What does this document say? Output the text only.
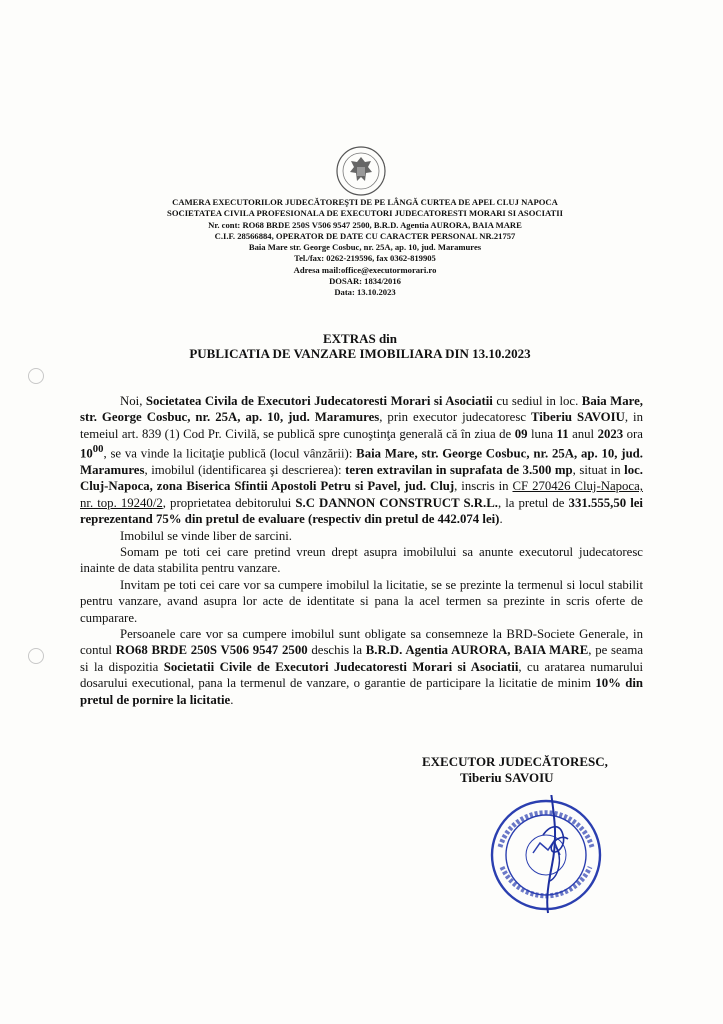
CAMERA EXECUTORILOR JUDECĂTOREŞTI DE PE LÂNGĂ CURTEA DE APEL CLUJ NAPOCA
SOCIETATEA CIVILA PROFESIONALA DE EXECUTORI JUDECATORESTI MORARI SI ASOCIATII
Nr. cont: RO68 BRDE 250S V506 9547 2500, B.R.D. Agentia AURORA, BAIA MARE
C.I.F. 28566884, OPERATOR DE DATE CU CARACTER PERSONAL NR.21757
Baia Mare str. George Cosbuc, nr. 25A, ap. 10, jud. Maramures
Tel./fax: 0262-219596, fax 0362-819905
Adresa mail:office@executormorari.ro
DOSAR: 1834/2016
Data: 13.10.2023
EXTRAS din
PUBLICATIA DE VANZARE IMOBILIARA DIN 13.10.2023

Noi, Societatea Civila de Executori Judecatoresti Morari si Asociatii cu sediul in loc. Baia Mare, str. George Cosbuc, nr. 25A, ap. 10, jud. Maramures, prin executor judecatoresc Tiberiu SAVOIU, in temeiul art. 839 (1) Cod Pr. Civilă, se publică spre cunoştinţa generală că în ziua de 09 luna 11 anul 2023 ora $10^{00}$, se va vinde la licitaţie publică (locul vânzării): Baia Mare, str. George Cosbuc, nr. 25A, ap. 10, jud. Maramures, imobilul (identificarea şi descrierea): teren extravilan in suprafata de 3.500 mp, situat in loc. Cluj-Napoca, zona Biserica Sfintii Apostoli Petru si Pavel, jud. Cluj, inscris in CF 270426 Cluj-Napoca, nr. top. 19240/2, proprietatea debitorului S.C DANNON CONSTRUCT S.R.L., la pretul de 331.555,50 lei reprezentand 75% din pretul de evaluare (respectiv din pretul de 442.074 lei).

Imobilul se vinde liber de sarcini.

Somam pe toti cei care pretind vreun drept asupra imobilului sa anunte executorul judecatoresc inainte de data stabilita pentru vanzare.

Invitam pe toti cei care vor sa cumpere imobilul la licitatie, se se prezinte la termenul si locul stabilit pentru vanzare, avand asupra lor acte de identitate si pana la acel termen sa prezinte in scris oferte de cumparare.

Persoanele care vor sa cumpere imobilul sunt obligate sa consemneze la BRD-Societe Generale, in contul RO68 BRDE 250S V506 9547 2500 deschis la B.R.D. Agentia AURORA, BAIA MARE, pe seama si la dispozitia Societatii Civile de Executori Judecatoresti Morari si Asociatii, cu aratarea numarului dosarului executional, pana la termenul de vanzare, o garantie de participare la licitatie de minim 10% din pretul de pornire la licitatie.

EXECUTOR JUDECĂTORESC,
Tiberiu SAVOIU
